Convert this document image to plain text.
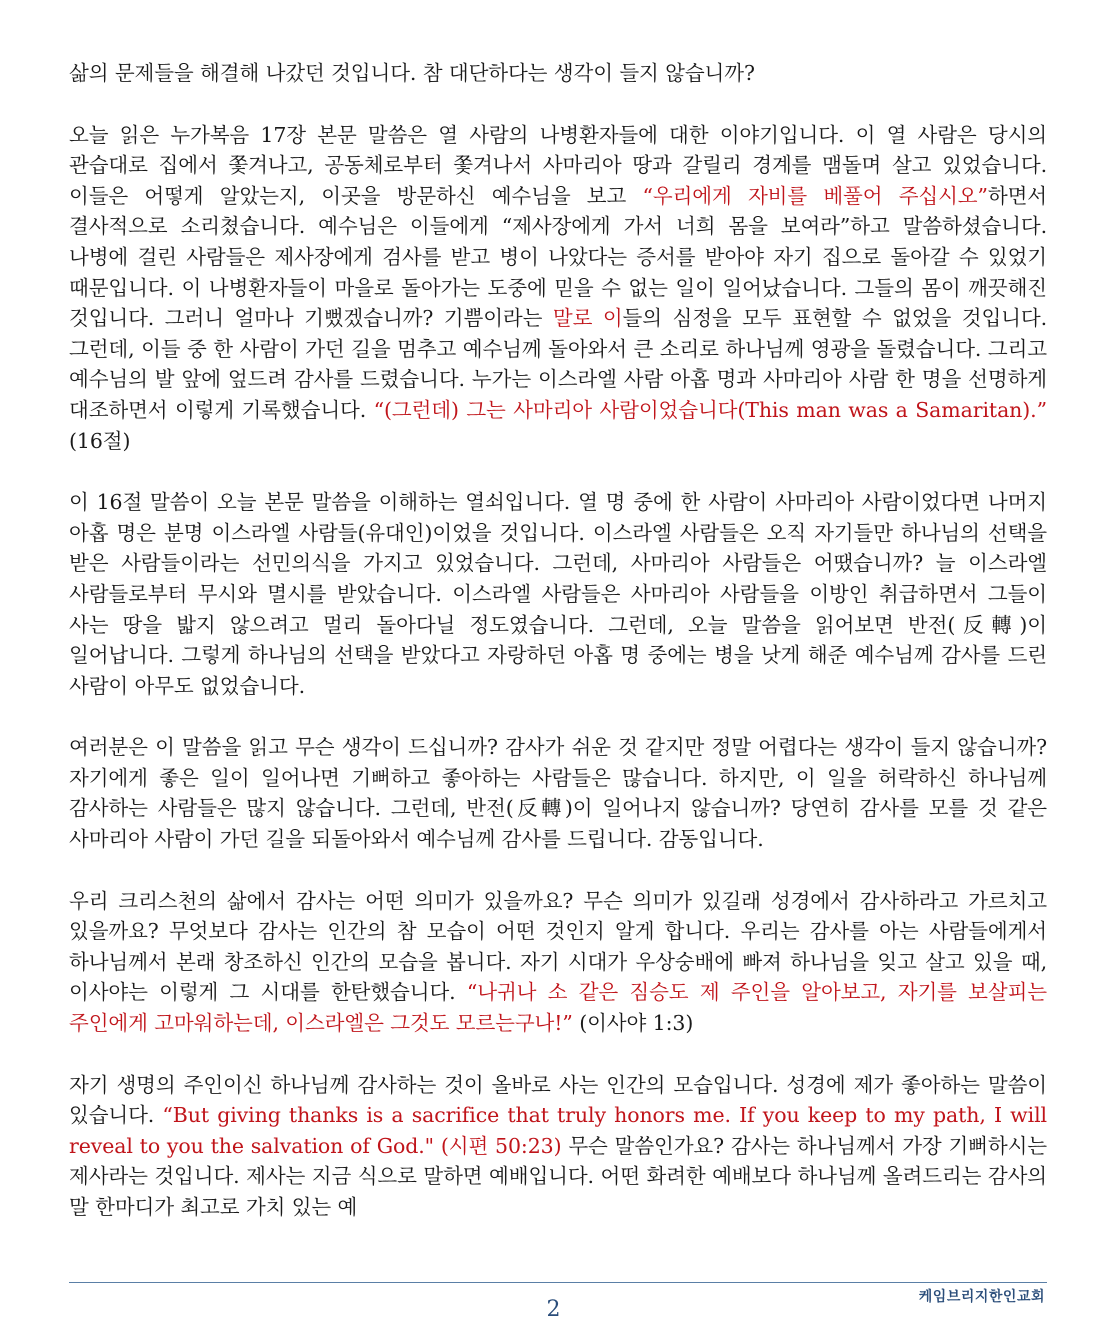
삶의 문제들을 해결해 나갔던 것입니다. 참 대단하다는 생각이 들지 않습니까?

오늘 읽은 누가복음 17장 본문 말씀은 열 사람의 나병환자들에 대한 이야기입니다. 이 열 사람은 당시의 관습대로 집에서 쫓겨나고, 공동체로부터 쫓겨나서 사마리아 땅과 갈릴리 경계를 맴돌며 살고 있었습니다. 이들은 어떻게 알았는지, 이곳을 방문하신 예수님을 보고 “우리에게 자비를 베풀어 주십시오”하면서 결사적으로 소리쳤습니다. 예수님은 이들에게 “제사장에게 가서 너희 몸을 보여라”하고 말씀하셨습니다. 나병에 걸린 사람들은 제사장에게 검사를 받고 병이 나았다는 증서를 받아야 자기 집으로 돌아갈 수 있었기 때문입니다. 이 나병환자들이 마을로 돌아가는 도중에 믿을 수 없는 일이 일어났습니다. 그들의 몸이 깨끗해진 것입니다. 그러니 얼마나 기뻤겠습니까? 기쁨이라는 말로 이들의 심정을 모두 표현할 수 없었을 것입니다. 그런데, 이들 중 한 사람이 가던 길을 멈추고 예수님께 돌아와서 큰 소리로 하나님께 영광을 돌렸습니다. 그리고 예수님의 발 앞에 엎드려 감사를 드렸습니다. 누가는 이스라엘 사람 아홉 명과 사마리아 사람 한 명을 선명하게 대조하면서 이렇게 기록했습니다. “(그런데) 그는 사마리아 사람이었습니다(This man was a Samaritan).” (16절)

이 16절 말씀이 오늘 본문 말씀을 이해하는 열쇠입니다. 열 명 중에 한 사람이 사마리아 사람이었다면 나머지 아홉 명은 분명 이스라엘 사람들(유대인)이었을 것입니다. 이스라엘 사람들은 오직 자기들만 하나님의 선택을 받은 사람들이라는 선민의식을 가지고 있었습니다. 그런데, 사마리아 사람들은 어땠습니까? 늘 이스라엘 사람들로부터 무시와 멸시를 받았습니다. 이스라엘 사람들은 사마리아 사람들을 이방인 취급하면서 그들이 사는 땅을 밟지 않으려고 멀리 돌아다닐 정도였습니다. 그런데, 오늘 말씀을 읽어보면 반전(反轉)이 일어납니다. 그렇게 하나님의 선택을 받았다고 자랑하던 아홉 명 중에는 병을 낫게 해준 예수님께 감사를 드린 사람이 아무도 없었습니다.

여러분은 이 말씀을 읽고 무슨 생각이 드십니까? 감사가 쉬운 것 같지만 정말 어렵다는 생각이 들지 않습니까? 자기에게 좋은 일이 일어나면 기뻐하고 좋아하는 사람들은 많습니다. 하지만, 이 일을 허락하신 하나님께 감사하는 사람들은 많지 않습니다. 그런데, 반전(反轉)이 일어나지 않습니까? 당연히 감사를 모를 것 같은 사마리아 사람이 가던 길을 되돌아와서 예수님께 감사를 드립니다. 감동입니다.

우리 크리스천의 삶에서 감사는 어떤 의미가 있을까요? 무슨 의미가 있길래 성경에서 감사하라고 가르치고 있을까요? 무엇보다 감사는 인간의 참 모습이 어떤 것인지 알게 합니다. 우리는 감사를 아는 사람들에게서 하나님께서 본래 창조하신 인간의 모습을 봅니다. 자기 시대가 우상숭배에 빠져 하나님을 잊고 살고 있을 때, 이사야는 이렇게 그 시대를 한탄했습니다. “나귀나 소 같은 짐승도 제 주인을 알아보고, 자기를 보살피는 주인에게 고마워하는데, 이스라엘은 그것도 모르는구나!” (이사야 1:3)

자기 생명의 주인이신 하나님께 감사하는 것이 올바로 사는 인간의 모습입니다. 성경에 제가 좋아하는 말씀이 있습니다. “But giving thanks is a sacrifice that truly honors me. If you keep to my path, I will reveal to you the salvation of God." (시편 50:23) 무슨 말씀인가요? 감사는 하나님께서 가장 기뻐하시는 제사라는 것입니다. 제사는 지금 식으로 말하면 예배입니다. 어떤 화려한 예배보다 하나님께 올려드리는 감사의 말 한마디가 최고로 가치 있는 예

케임브리지한인교회
2
